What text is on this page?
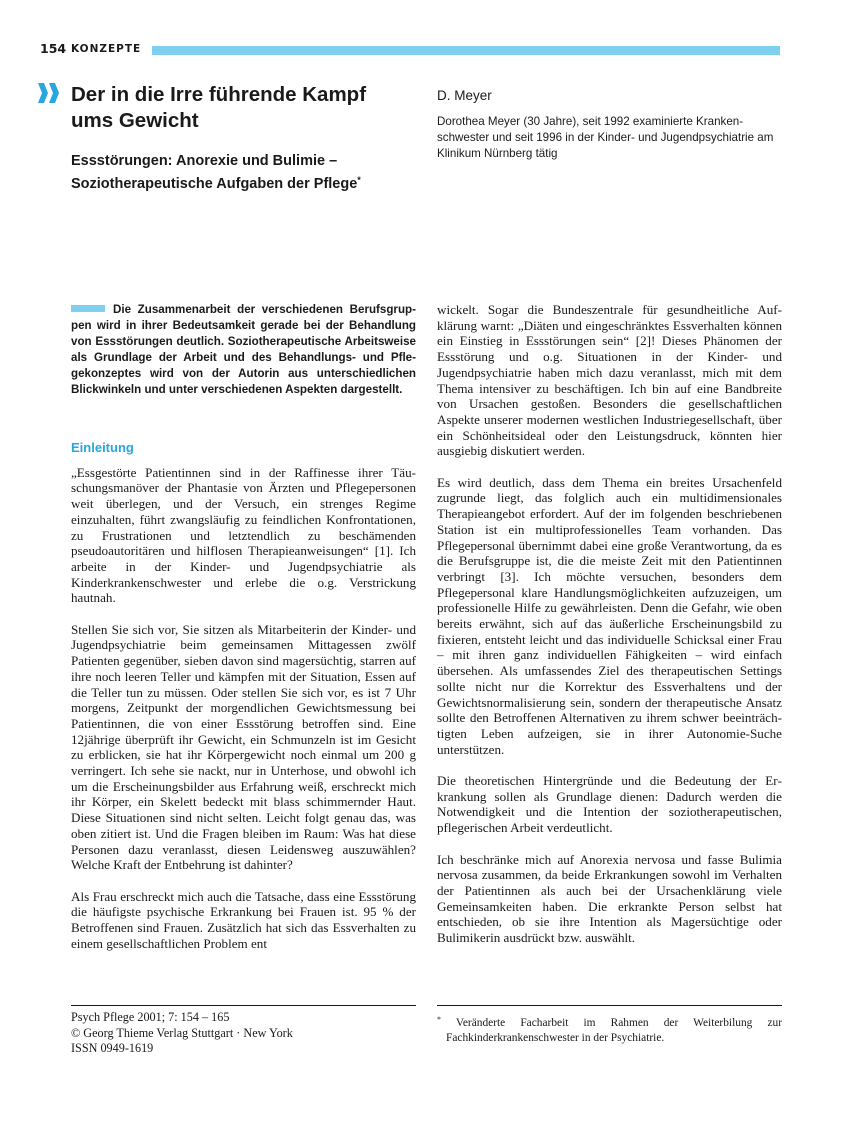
154 KONZEPTE
Der in die Irre führende Kampf ums Gewicht
Essstörungen: Anorexie und Bulimie – Soziotherapeutische Aufgaben der Pflege*
D. Meyer
Dorothea Meyer (30 Jahre), seit 1992 examinierte Krankenschwester und seit 1996 in der Kinder- und Jugendpsychiatrie am Klinikum Nürnberg tätig

Die Zusammenarbeit der verschiedenen Berufsgruppen wird in ihrer Bedeutsamkeit gerade bei der Behandlung von Essstörungen deutlich. Soziotherapeutische Arbeitsweise als Grundlage der Arbeit und des Behandlungs- und Pflegekonzeptes wird von der Autorin aus unterschiedlichen Blickwinkeln und unter verschiedenen Aspekten dargestellt.

Einleitung

„Essgestörte Patientinnen sind in der Raffinesse ihrer Täuschungsmanöver der Phantasie von Ärzten und Pflegepersonen weit überlegen, und der Versuch, ein strenges Regime einzuhalten, führt zwangsläufig zu feindlichen Konfrontationen, zu Frustrationen und letztendlich zu beschämenden pseudoautoritären und hilflosen Therapieanweisungen“ [1]. Ich arbeite in der Kinder- und Jugendpsychiatrie als Kinderkrankenschwester und erlebe die o.g. Verstrickung hautnah.

Stellen Sie sich vor, Sie sitzen als Mitarbeiterin der Kinder- und Jugendpsychiatrie beim gemeinsamen Mittagessen zwölf Patienten gegenüber, sieben davon sind magersüchtig, starren auf ihre noch leeren Teller und kämpfen mit der Situation, Essen auf die Teller tun zu müssen. Oder stellen Sie sich vor, es ist 7 Uhr morgens, Zeitpunkt der morgendlichen Gewichtsmessung bei Patientinnen, die von einer Essstörung betroffen sind. Eine 12jährige überprüft ihr Gewicht, ein Schmunzeln ist im Gesicht zu erblicken, sie hat ihr Körpergewicht noch einmal um 200 g verringert. Ich sehe sie nackt, nur in Unterhose, und obwohl ich um die Erscheinungsbilder aus Erfahrung weiß, erschreckt mich ihr Körper, ein Skelett bedeckt mit blass schimmernder Haut. Diese Situationen sind nicht selten. Leicht folgt genau das, was oben zitiert ist. Und die Fragen bleiben im Raum: Was hat diese Personen dazu veranlasst, diesen Leidensweg auszuwählen? Welche Kraft der Entbehrung ist dahinter?

Als Frau erschreckt mich auch die Tatsache, dass eine Essstörung die häufigste psychische Erkrankung bei Frauen ist. 95 % der Betroffenen sind Frauen. Zusätzlich hat sich das Essverhalten zu einem gesellschaftlichen Problem ent

wickelt. Sogar die Bundeszentrale für gesundheitliche Aufklärung warnt: „Diäten und eingeschränktes Essverhalten können ein Einstieg in Essstörungen sein“ [2]! Dieses Phänomen der Essstörung und o.g. Situationen in der Kinder- und Jugendpsychiatrie haben mich dazu veranlasst, mich mit dem Thema intensiver zu beschäftigen. Ich bin auf eine Bandbreite von Ursachen gestoßen. Besonders die gesellschaftlichen Aspekte unserer modernen westlichen Industriegesellschaft, über ein Schönheitsideal oder den Leistungsdruck, könnten hier ausgiebig diskutiert werden.

Es wird deutlich, dass dem Thema ein breites Ursachenfeld zugrunde liegt, das folglich auch ein multidimensionales Therapieangebot erfordert. Auf der im folgenden beschriebenen Station ist ein multiprofessionelles Team vorhanden. Das Pflegepersonal übernimmt dabei eine große Verantwortung, da es die Berufsgruppe ist, die die meiste Zeit mit den Patientinnen verbringt [3]. Ich möchte versuchen, besonders dem Pflegepersonal klare Handlungsmöglichkeiten aufzuzeigen, um professionelle Hilfe zu gewährleisten. Denn die Gefahr, wie oben bereits erwähnt, sich auf das äußerliche Erscheinungsbild zu fixieren, entsteht leicht und das individuelle Schicksal einer Frau – mit ihren ganz individuellen Fähigkeiten – wird einfach übersehen. Als umfassendes Ziel des therapeutischen Settings sollte nicht nur die Korrektur des Essverhaltens und der Gewichtsnormalisierung sein, sondern der therapeutische Ansatz sollte den Betroffenen Alternativen zu ihrem schwer beeinträchtigten Leben aufzeigen, sie in ihrer Autonomie-Suche unterstützen.

Die theoretischen Hintergründe und die Bedeutung der Erkrankung sollen als Grundlage dienen: Dadurch werden die Notwendigkeit und die Intention der soziotherapeutischen, pflegerischen Arbeit verdeutlicht.

Ich beschränke mich auf Anorexia nervosa und fasse Bulimia nervosa zusammen, da beide Erkrankungen sowohl im Verhalten der Patientinnen als auch bei der Ursachenklärung viele Gemeinsamkeiten haben. Die erkrankte Person selbst hat entschieden, ob sie ihre Intention als Magersüchtige oder Bulimikerin ausdrückt bzw. auswählt.

Psych Pflege 2001; 7: 154 – 165
© Georg Thieme Verlag Stuttgart · New York
ISSN 0949-1619
* Veränderte Facharbeit im Rahmen der Weiterbilung zur Fachkinderkrankenschwester in der Psychiatrie.
